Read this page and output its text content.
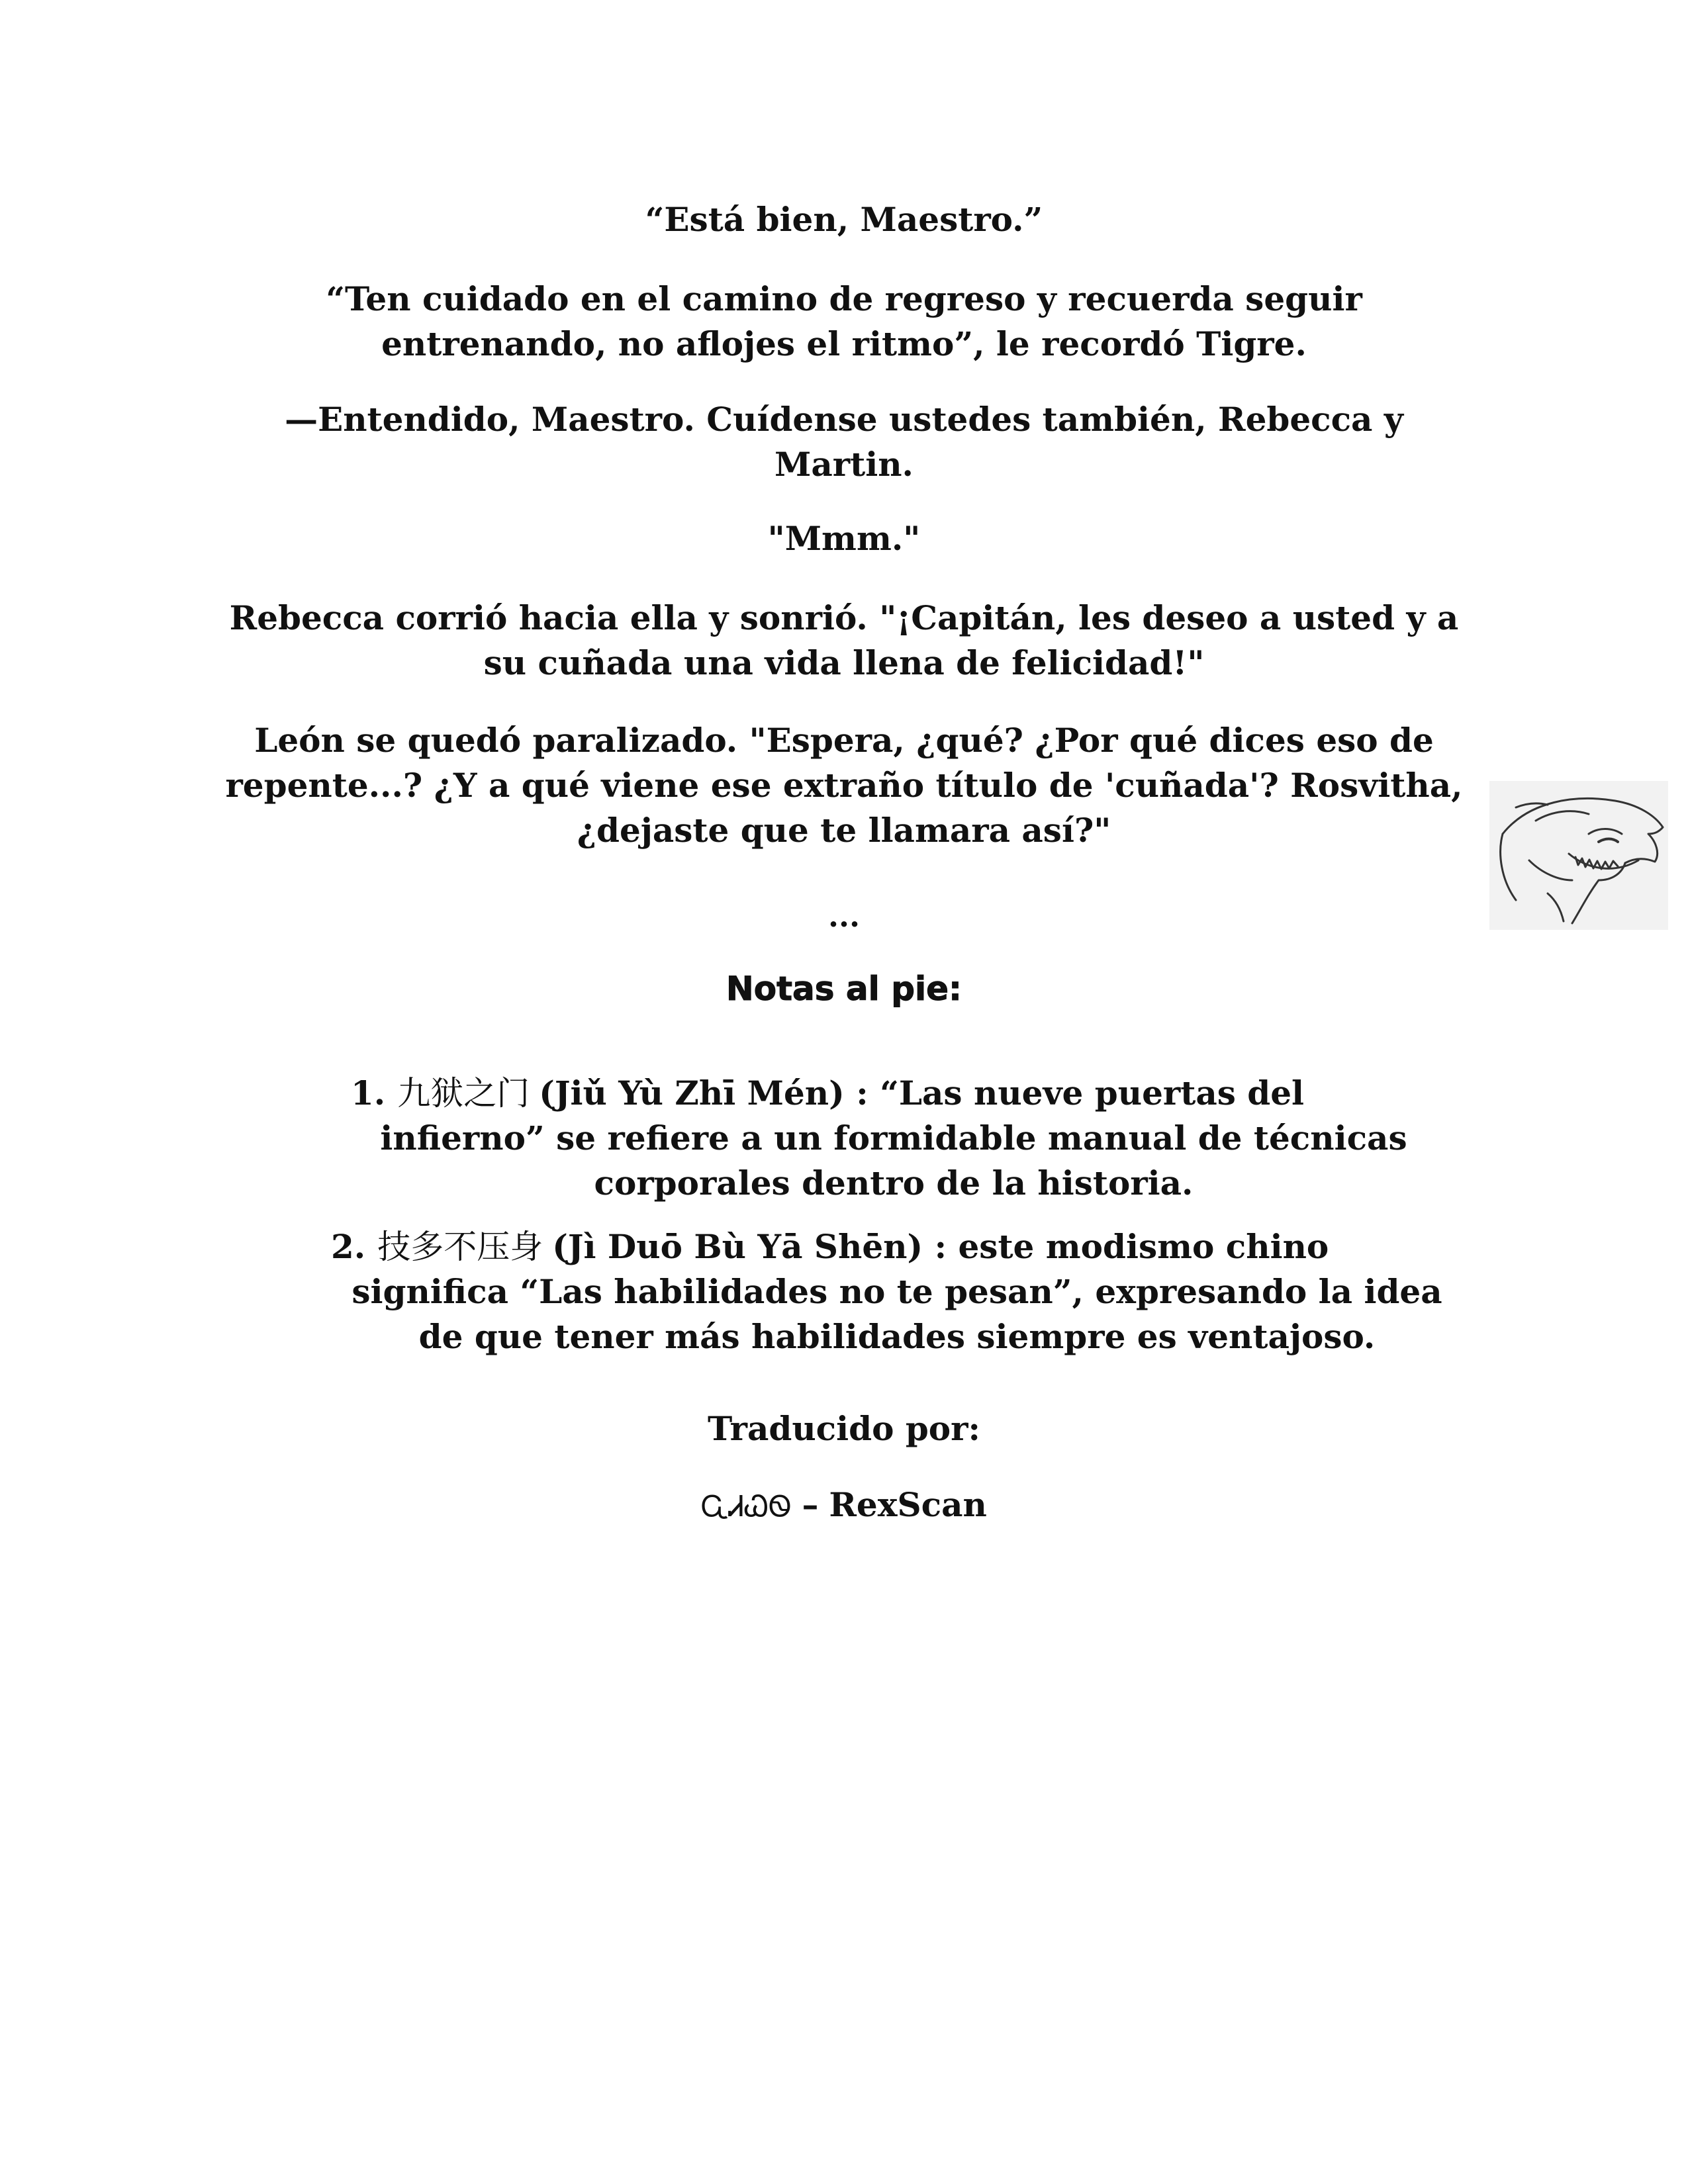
“Está bien, Maestro.”

“Ten cuidado en el camino de regreso y recuerda seguir entrenando, no aflojes el ritmo”, le recordó Tigre.

—Entendido, Maestro. Cuídense ustedes también, Rebecca y Martin.

"Mmm."

Rebecca corrió hacia ella y sonrió. "¡Capitán, les deseo a usted y a su cuñada una vida llena de felicidad!"

León se quedó paralizado. "Espera, ¿qué? ¿Por qué dices eso de repente...? ¿Y a qué viene ese extraño título de 'cuñada'? Rosvitha, ¿dejaste que te llamara así?"

...

Notas al pie:
1. 九狱之门 (Jiǔ Yù Zhī Mén) : “Las nueve puertas del
infierno” se refiere a un formidable manual de técnicas corporales dentro de la historia.
2. 技多不压身 (Jì Duō Bù Yā Shēn) : este modismo chino
significa “Las habilidades no te pesan”, expresando la idea de que tener más habilidades siempre es ventajoso.

Traducido por:

ᏩᏗᏇᏫ – RexScan
